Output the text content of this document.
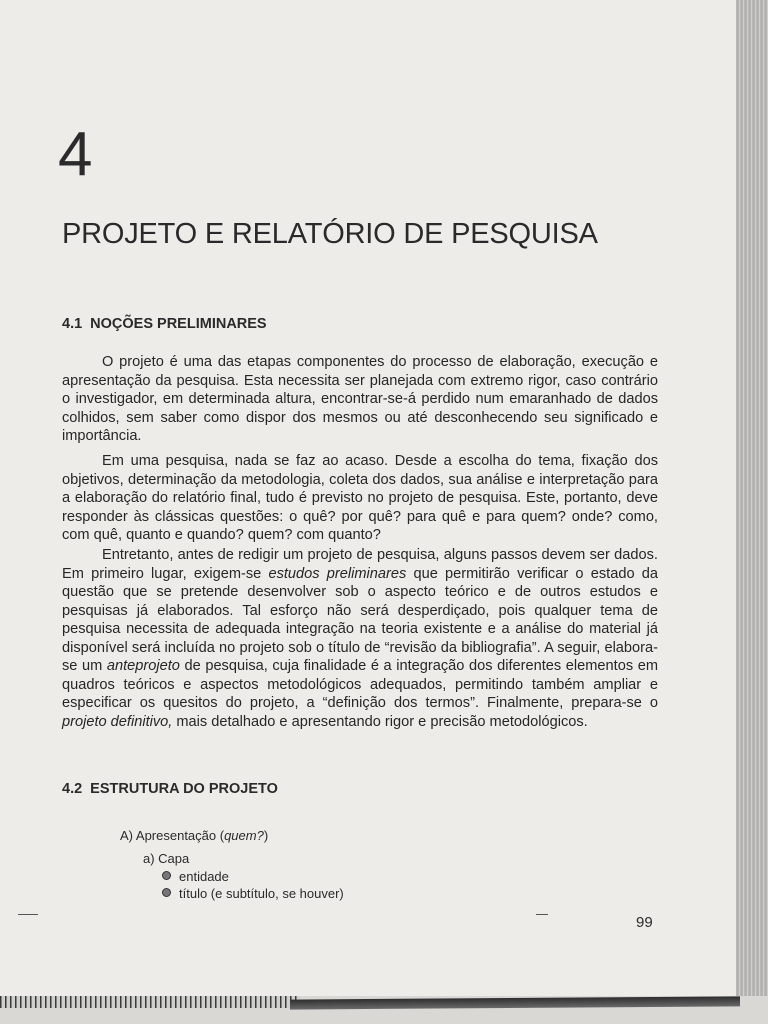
4
PROJETO E RELATÓRIO DE PESQUISA
4.1 NOÇÕES PRELIMINARES

O projeto é uma das etapas componentes do processo de elaboração, execução e apresentação da pesquisa. Esta necessita ser planejada com extremo rigor, caso contrário o investigador, em determinada altura, encontrar-se-á perdido num emaranhado de dados colhidos, sem saber como dispor dos mesmos ou até desconhecendo seu significado e importância.

Em uma pesquisa, nada se faz ao acaso. Desde a escolha do tema, fixação dos objetivos, determinação da metodologia, coleta dos dados, sua análise e interpretação para a elaboração do relatório final, tudo é previsto no projeto de pesquisa. Este, portanto, deve responder às clássicas questões: o quê? por quê? para quê e para quem? onde? como, com quê, quanto e quando? quem? com quanto?

Entretanto, antes de redigir um projeto de pesquisa, alguns passos devem ser dados. Em primeiro lugar, exigem-se estudos preliminares que permitirão verificar o estado da questão que se pretende desenvolver sob o aspecto teórico e de outros estudos e pesquisas já elaborados. Tal esforço não será desperdiçado, pois qualquer tema de pesquisa necessita de adequada integração na teoria existente e a análise do material já disponível será incluída no projeto sob o título de “revisão da bibliografia”. A seguir, elabora-se um anteprojeto de pesquisa, cuja finalidade é a integração dos diferentes elementos em quadros teóricos e aspectos metodológicos adequados, permitindo também ampliar e especificar os quesitos do projeto, a “definição dos termos”. Finalmente, prepara-se o projeto definitivo, mais detalhado e apresentando rigor e precisão metodológicos.

4.2 ESTRUTURA DO PROJETO
A) Apresentação (quem?)
a) Capa
entidade
título (e subtítulo, se houver)
99
